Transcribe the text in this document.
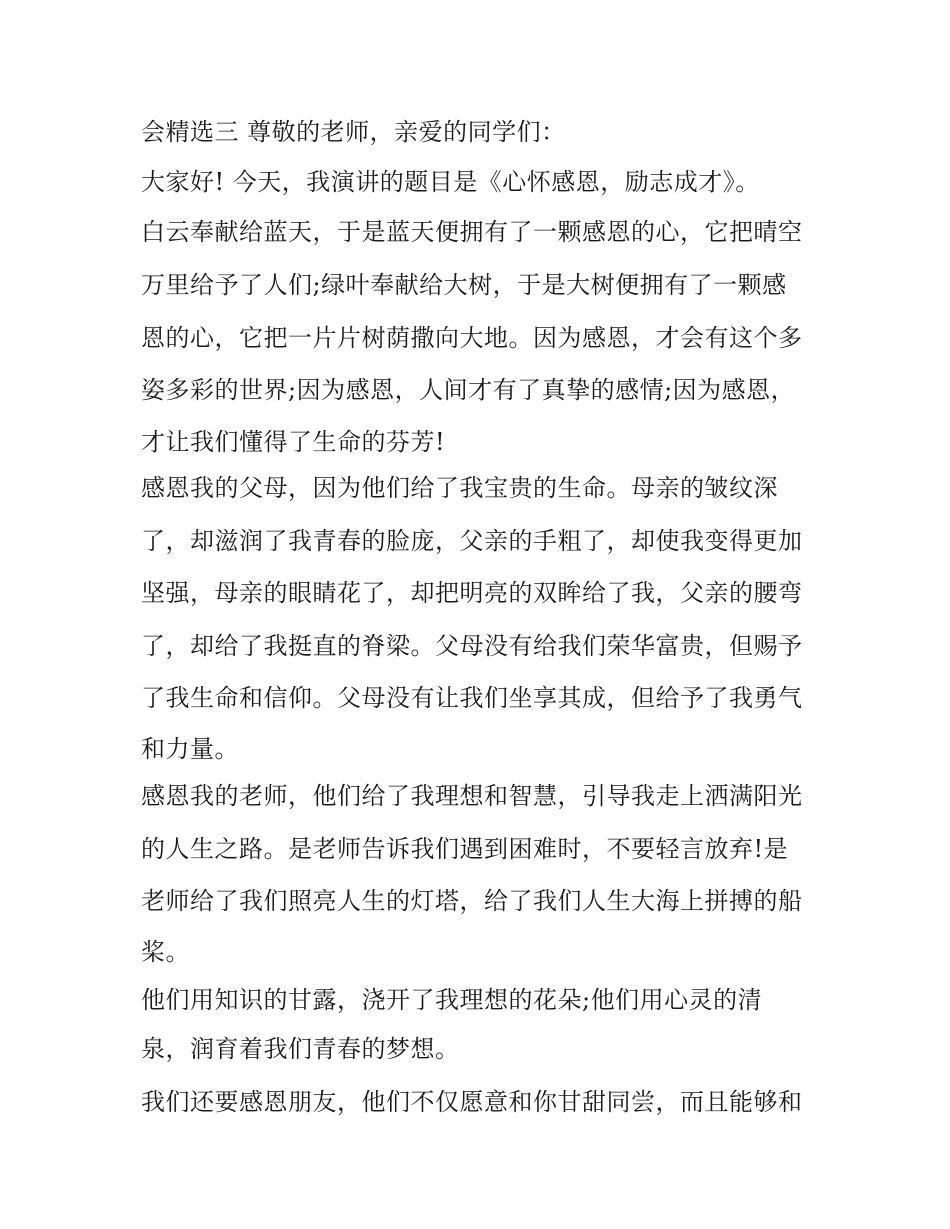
会精选三 尊敬的老师，亲爱的同学们：
大家好! 今天，我演讲的题目是《心怀感恩，励志成才》。
白云奉献给蓝天，于是蓝天便拥有了一颗感恩的心，它把晴空
万里给予了人们;绿叶奉献给大树，于是大树便拥有了一颗感
恩的心，它把一片片树荫撒向大地。因为感恩，才会有这个多
姿多彩的世界;因为感恩，人间才有了真挚的感情;因为感恩，
才让我们懂得了生命的芬芳!
感恩我的父母，因为他们给了我宝贵的生命。母亲的皱纹深
了，却滋润了我青春的脸庞，父亲的手粗了，却使我变得更加
坚强，母亲的眼睛花了，却把明亮的双眸给了我，父亲的腰弯
了，却给了我挺直的脊梁。父母没有给我们荣华富贵，但赐予
了我生命和信仰。父母没有让我们坐享其成，但给予了我勇气
和力量。
感恩我的老师，他们给了我理想和智慧，引导我走上洒满阳光
的人生之路。是老师告诉我们遇到困难时，不要轻言放弃!是
老师给了我们照亮人生的灯塔，给了我们人生大海上拼搏的船
桨。
他们用知识的甘露，浇开了我理想的花朵;他们用心灵的清
泉，润育着我们青春的梦想。
我们还要感恩朋友，他们不仅愿意和你甘甜同尝，而且能够和
